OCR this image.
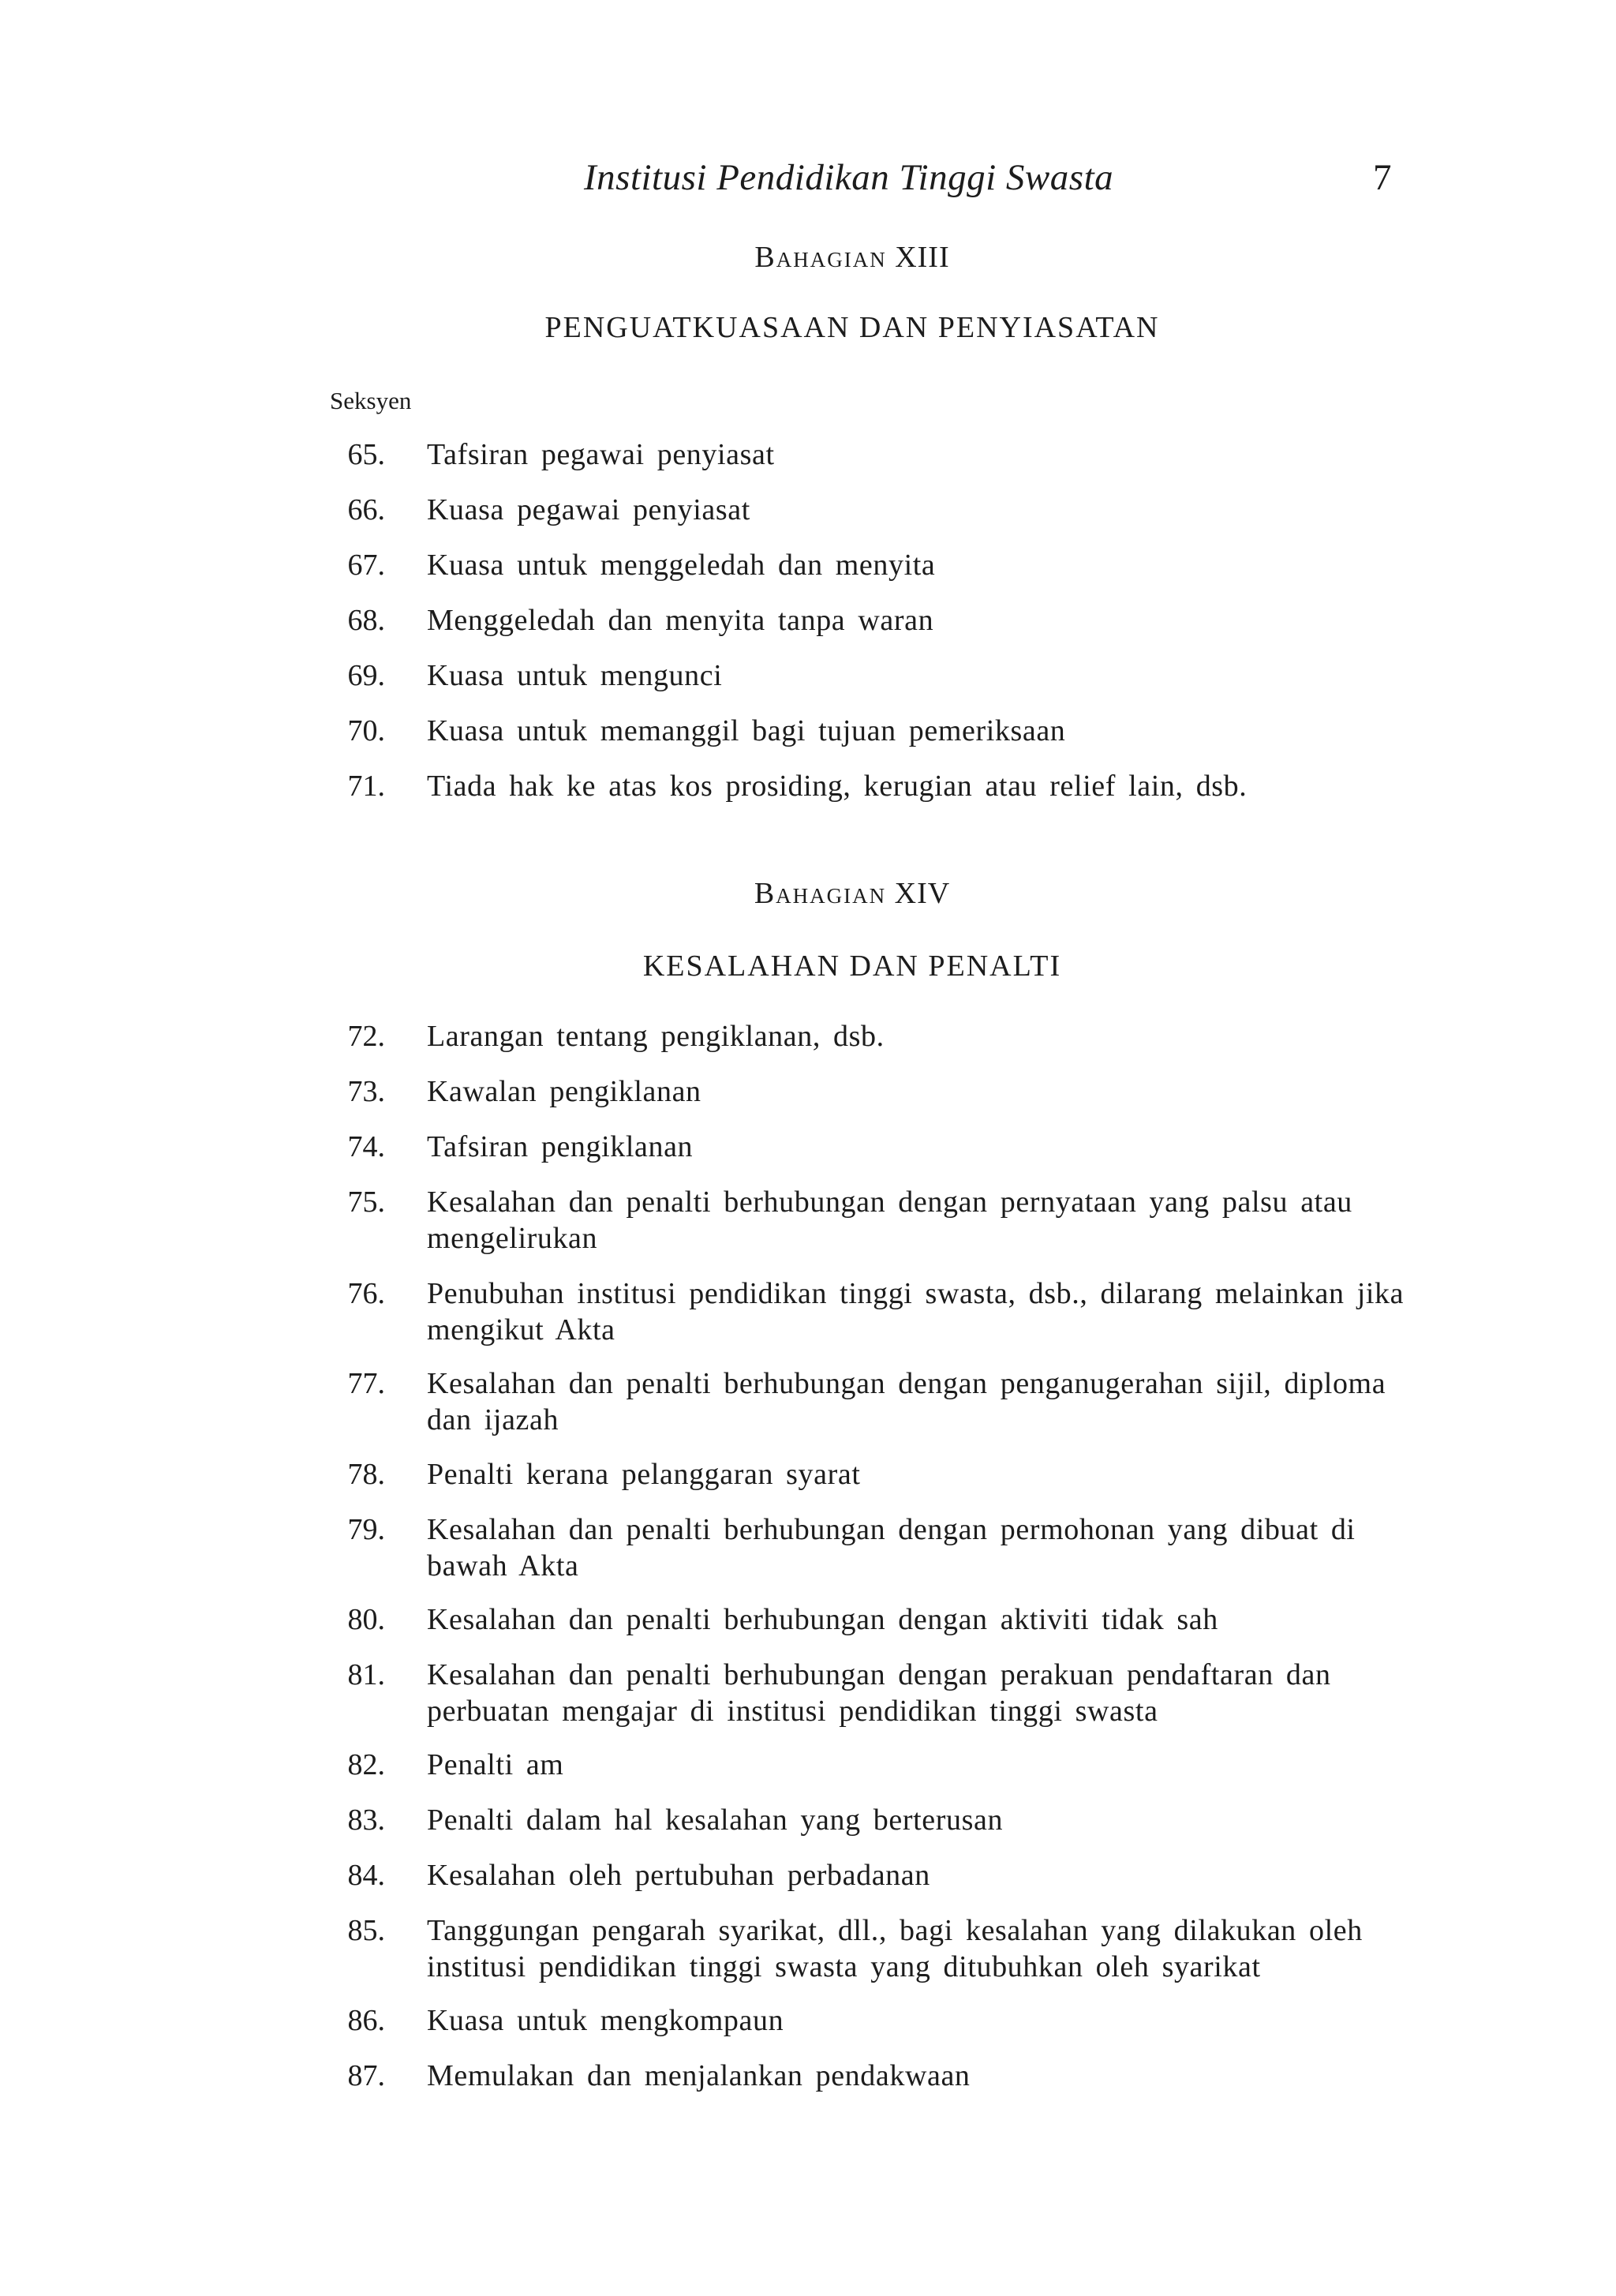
Institusi Pendidikan Tinggi Swasta	7
Bahagian XIII
PENGUATKUASAAN DAN PENYIASATAN
Seksyen
65. Tafsiran pegawai penyiasat
66. Kuasa pegawai penyiasat
67. Kuasa untuk menggeledah dan menyita
68. Menggeledah dan menyita tanpa waran
69. Kuasa untuk mengunci
70. Kuasa untuk memanggil bagi tujuan pemeriksaan
71. Tiada hak ke atas kos prosiding, kerugian atau relief lain, dsb.
Bahagian XIV
KESALAHAN DAN PENALTI
72. Larangan tentang pengiklanan, dsb.
73. Kawalan pengiklanan
74. Tafsiran pengiklanan
75. Kesalahan dan penalti berhubungan dengan pernyataan yang palsu atau mengelirukan
76. Penubuhan institusi pendidikan tinggi swasta, dsb., dilarang melainkan jika mengikut Akta
77. Kesalahan dan penalti berhubungan dengan penganugerahan sijil, diploma dan ijazah
78. Penalti kerana pelanggaran syarat
79. Kesalahan dan penalti berhubungan dengan permohonan yang dibuat di bawah Akta
80. Kesalahan dan penalti berhubungan dengan aktiviti tidak sah
81. Kesalahan dan penalti berhubungan dengan perakuan pendaftaran dan perbuatan mengajar di institusi pendidikan tinggi swasta
82. Penalti am
83. Penalti dalam hal kesalahan yang berterusan
84. Kesalahan oleh pertubuhan perbadanan
85. Tanggungan pengarah syarikat, dll., bagi kesalahan yang dilakukan oleh institusi pendidikan tinggi swasta yang ditubuhkan oleh syarikat
86. Kuasa untuk mengkompaun
87. Memulakan dan menjalankan pendakwaan
